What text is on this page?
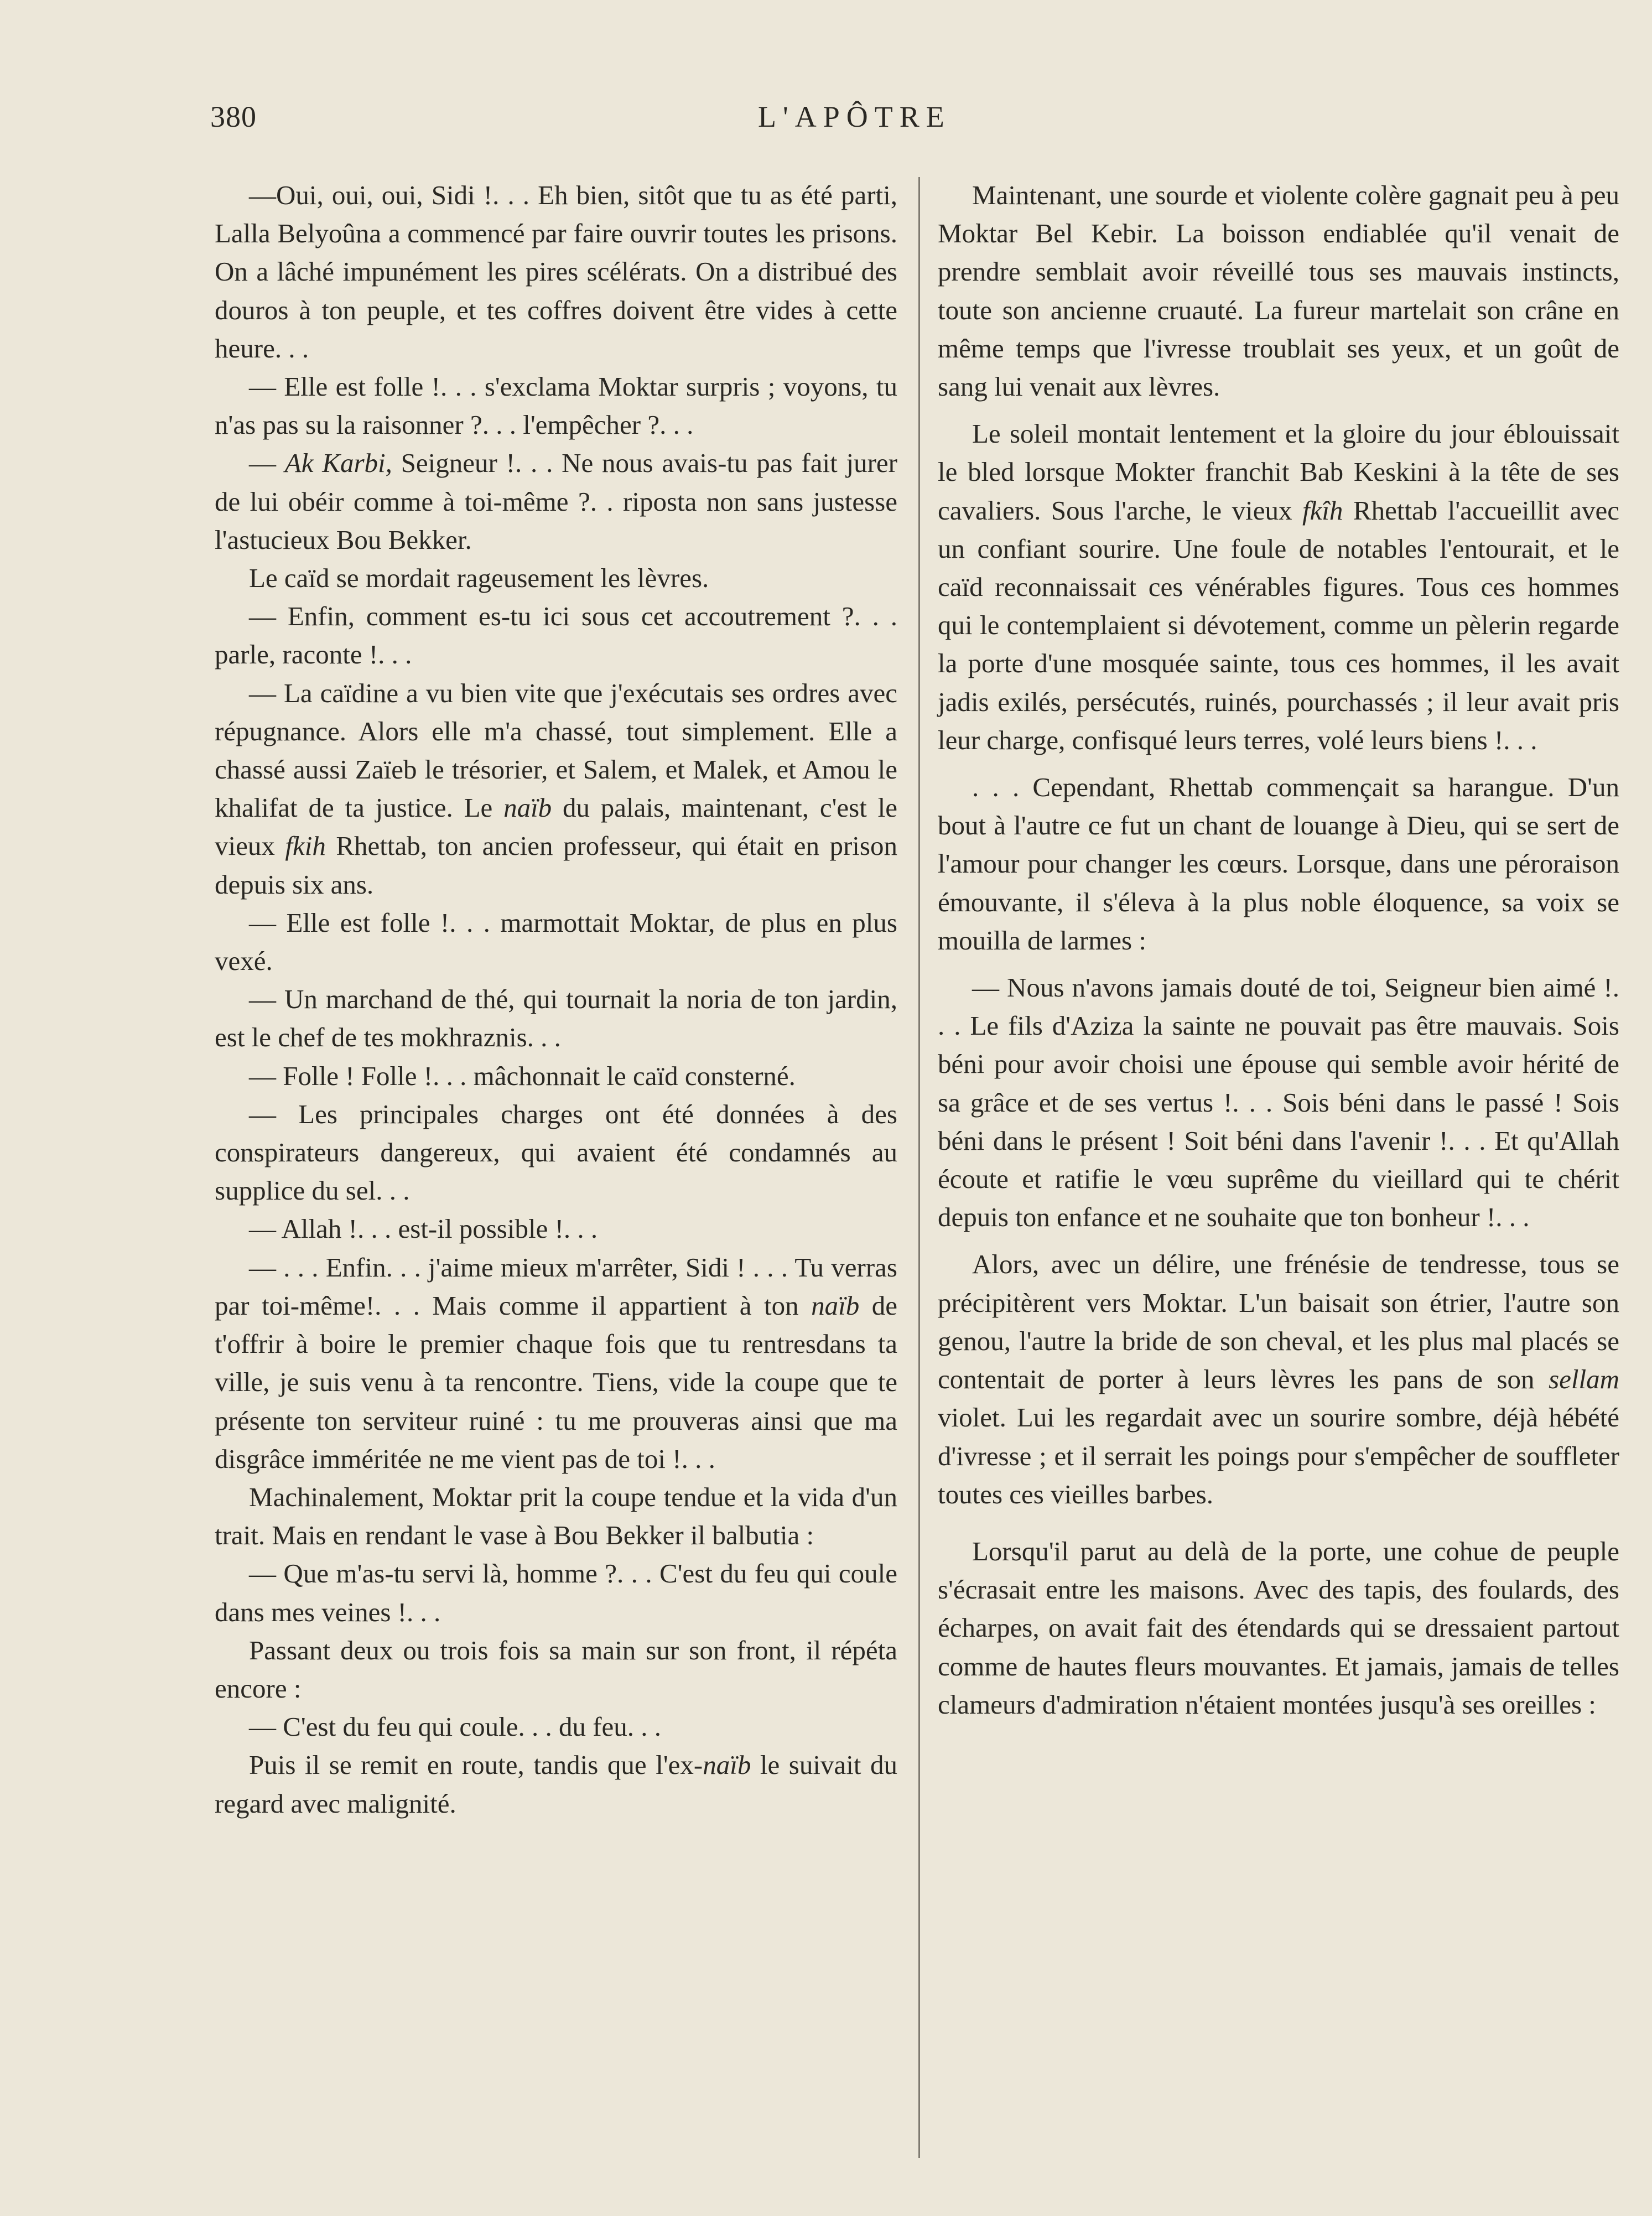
380	L'APÔTRE

—Oui, oui, oui, Sidi !. . . Eh bien, sitôt que tu as été parti, Lalla Belyoûna a commencé par faire ouvrir toutes les prisons. On a lâché impunément les pires scélérats. On a distribué des douros à ton peuple, et tes coffres doivent être vides à cette heure. . .

— Elle est folle !. . . s'exclama Moktar surpris ; voyons, tu n'as pas su la raisonner ?. . . l'empêcher ?. . .

— Ak Karbi, Seigneur !. . . Ne nous avais-tu pas fait jurer de lui obéir comme à toi-même ?. . riposta non sans justesse l'astucieux Bou Bekker.

Le caïd se mordait rageusement les lèvres.

— Enfin, comment es-tu ici sous cet accoutrement ?. . . parle, raconte !. . .

— La caïdine a vu bien vite que j'exécutais ses ordres avec répugnance. Alors elle m'a chassé, tout simplement. Elle a chassé aussi Zaïeb le trésorier, et Salem, et Malek, et Amou le khalifat de ta justice. Le naïb du palais, maintenant, c'est le vieux fkih Rhettab, ton ancien professeur, qui était en prison depuis six ans.

— Elle est folle !. . . marmottait Moktar, de plus en plus vexé.

— Un marchand de thé, qui tournait la noria de ton jardin, est le chef de tes mokhraznis. . .

— Folle ! Folle !. . . mâchonnait le caïd consterné.

— Les principales charges ont été données à des conspirateurs dangereux, qui avaient été condamnés au supplice du sel. . .

— Allah !. . . est-il possible !. . .

— . . . Enfin. . . j'aime mieux m'arrêter, Sidi ! . . . Tu verras par toi-même!. . . Mais comme il appartient à ton naïb de t'offrir à boire le premier chaque fois que tu rentresdans ta ville, je suis venu à ta rencontre. Tiens, vide la coupe que te présente ton serviteur ruiné : tu me prouveras ainsi que ma disgrâce imméritée ne me vient pas de toi !. . .

Machinalement, Moktar prit la coupe tendue et la vida d'un trait. Mais en rendant le vase à Bou Bekker il balbutia :

— Que m'as-tu servi là, homme ?. . . C'est du feu qui coule dans mes veines !. . .

Passant deux ou trois fois sa main sur son front, il répéta encore :

— C'est du feu qui coule. . . du feu. . .

Puis il se remit en route, tandis que l'ex-naïb le suivait du regard avec malignité.

Maintenant, une sourde et violente colère gagnait peu à peu Moktar Bel Kebir. La boisson endiablée qu'il venait de prendre semblait avoir réveillé tous ses mauvais instincts, toute son ancienne cruauté. La fureur martelait son crâne en même temps que l'ivresse troublait ses yeux, et un goût de sang lui venait aux lèvres.

Le soleil montait lentement et la gloire du jour éblouissait le bled lorsque Mokter franchit Bab Keskini à la tête de ses cavaliers. Sous l'arche, le vieux fkîh Rhettab l'accueillit avec un confiant sourire. Une foule de notables l'entourait, et le caïd reconnaissait ces vénérables figures. Tous ces hommes qui le contemplaient si dévotement, comme un pèlerin regarde la porte d'une mosquée sainte, tous ces hommes, il les avait jadis exilés, persécutés, ruinés, pourchassés ; il leur avait pris leur charge, confisqué leurs terres, volé leurs biens !. . .

. . . Cependant, Rhettab commençait sa harangue. D'un bout à l'autre ce fut un chant de louange à Dieu, qui se sert de l'amour pour changer les cœurs. Lorsque, dans une péroraison émouvante, il s'éleva à la plus noble éloquence, sa voix se mouilla de larmes :

— Nous n'avons jamais douté de toi, Seigneur bien aimé !. . . Le fils d'Aziza la sainte ne pouvait pas être mauvais. Sois béni pour avoir choisi une épouse qui semble avoir hérité de sa grâce et de ses vertus !. . . Sois béni dans le passé ! Sois béni dans le présent ! Soit béni dans l'avenir !. . . Et qu'Allah écoute et ratifie le vœu suprême du vieillard qui te chérit depuis ton enfance et ne souhaite que ton bonheur !. . .

Alors, avec un délire, une frénésie de tendresse, tous se précipitèrent vers Moktar. L'un baisait son étrier, l'autre son genou, l'autre la bride de son cheval, et les plus mal placés se contentait de porter à leurs lèvres les pans de son sellam violet. Lui les regardait avec un sourire sombre, déjà hébété d'ivresse ; et il serrait les poings pour s'empêcher de souffleter toutes ces vieilles barbes.

Lorsqu'il parut au delà de la porte, une cohue de peuple s'écrasait entre les maisons. Avec des tapis, des foulards, des écharpes, on avait fait des étendards qui se dressaient partout comme de hautes fleurs mouvantes. Et jamais, jamais de telles clameurs d'admiration n'étaient montées jusqu'à ses oreilles :
